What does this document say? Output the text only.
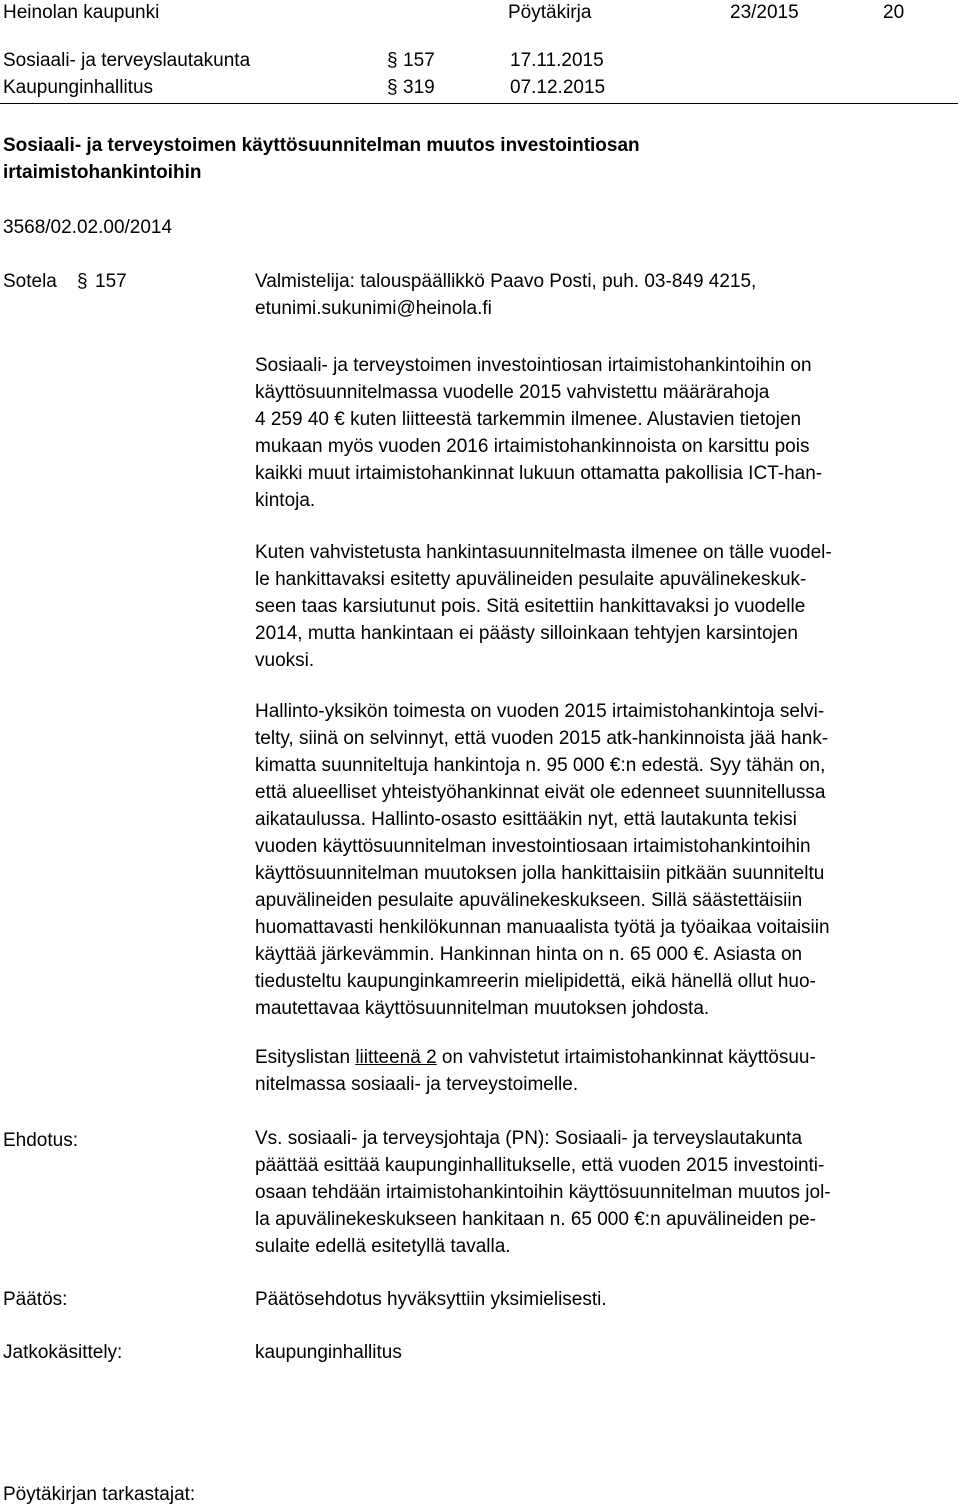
Heinolan kaupunki	Pöytäkirja	23/2015	20
Sosiaali- ja terveyslautakunta	§ 157	17.11.2015
Kaupunginhallitus	§ 319	07.12.2015
Sosiaali- ja terveystoimen käyttösuunnitelman muutos investointiosan
irtaimistohankintoihin
3568/02.02.00/2014
Sotela § 157	Valmistelija: talouspäällikkö Paavo Posti, puh. 03-849 4215,
etunimi.sukunimi@heinola.fi
Sosiaali- ja terveystoimen investointiosan irtaimistohankintoihin on
käyttösuunnitelmassa vuodelle 2015 vahvistettu määrärahoja
4 259 40 € kuten liitteestä tarkemmin ilmenee. Alustavien tietojen
mukaan myös vuoden 2016 irtaimistohankinnoista on karsittu pois
kaikki muut irtaimistohankinnat lukuun ottamatta pakollisia ICT-han-
kintoja.
Kuten vahvistetusta hankintasuunnitelmasta ilmenee on tälle vuodel-
le hankittavaksi esitetty apuvälineiden pesulaite apuvälinekeskuk-
seen taas karsiutunut pois. Sitä esitettiin hankittavaksi jo vuodelle
2014, mutta hankintaan ei päästy silloinkaan tehtyjen karsintojen
vuoksi.
Hallinto-yksikön toimesta on vuoden 2015 irtaimistohankintoja selvi-
telty, siinä on selvinnyt, että vuoden 2015 atk-hankinnoista jää hank-
kimatta suunniteltuja hankintoja n. 95 000 €:n edestä. Syy tähän on,
että alueelliset yhteistyöhankinnat eivät ole edenneet suunnitellussa
aikataulussa. Hallinto-osasto esittääkin nyt, että lautakunta tekisi
vuoden käyttösuunnitelman investointiosaan irtaimistohankintoihin
käyttösuunnitelman muutoksen jolla hankittaisiin pitkään suunniteltu
apuvälineiden pesulaite apuvälinekeskukseen. Sillä säästettäisiin
huomattavasti henkilökunnan manuaalista työtä ja työaikaa voitaisiin
käyttää järkevämmin. Hankinnan hinta on n. 65 000 €. Asiasta on
tiedusteltu kaupunginkamreerin mielipidettä, eikä hänellä ollut huo-
mautettavaa käyttösuunnitelman muutoksen johdosta.
Esityslistan liitteenä 2 on vahvistetut irtaimistohankinnat käyttösuu-
nitelmassa sosiaali- ja terveystoimelle.
Ehdotus:	Vs. sosiaali- ja terveysjohtaja (PN): Sosiaali- ja terveyslautakunta
päättää esittää kaupunginhallitukselle, että vuoden 2015 investointi-
osaan tehdään irtaimistohankintoihin käyttösuunnitelman muutos jol-
la apuvälinekeskukseen hankitaan n. 65 000 €:n apuvälineiden pe-
sulaite edellä esitetyllä tavalla.
Päätös:	Päätösehdotus hyväksyttiin yksimielisesti.
Jatkokäsittely:	kaupunginhallitus
Pöytäkirjan tarkastajat:
